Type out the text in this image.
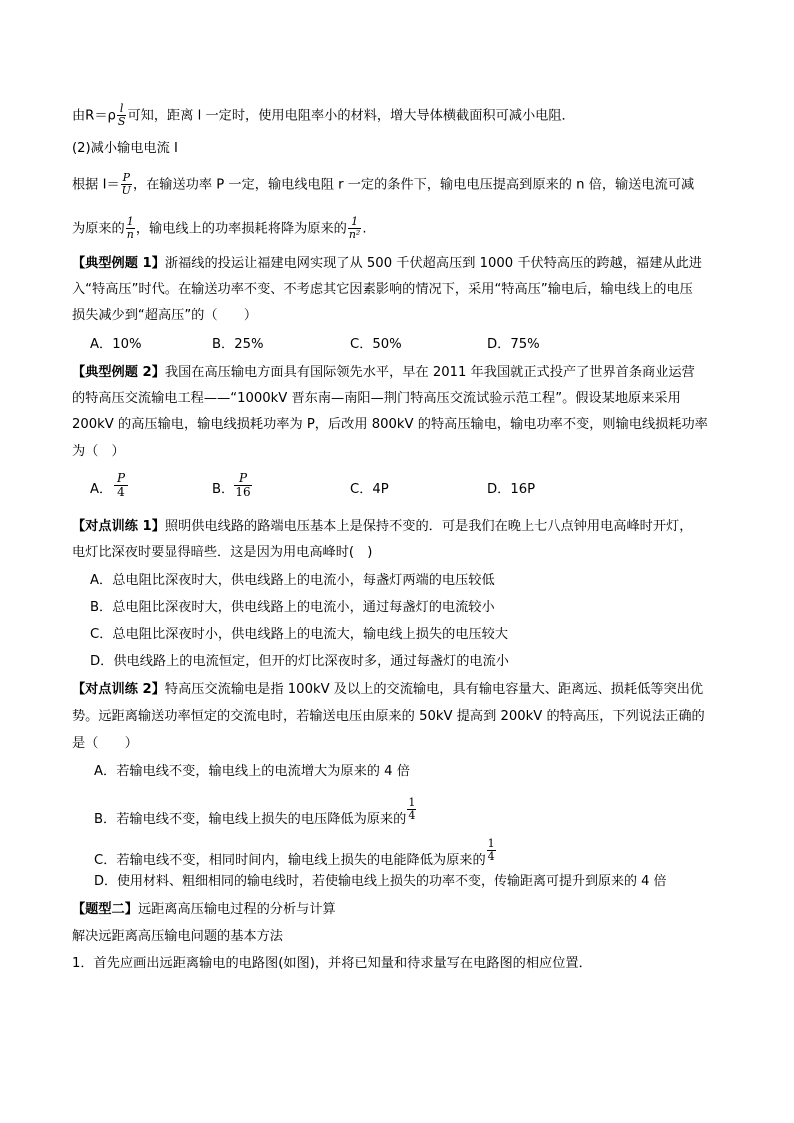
由$R=\rho \frac{l}{S}$ 可知，距离 l 一定时，使用电阻率小的材料，增大导体横截面积可减小电阻．
(2)减小输电电流 I
根据 $I= \frac{P}{U}$ ，在输送功率 P 一定，输电线电阻 r 一定的条件下，输电电压提高到原来的 n 倍，输送电流可减
为原来的 $\frac{1}{n}$ ，输电线上的功率损耗将降为原来的 $\frac{1}{\text{n²}}$ .
【典型例题 1】浙福线的投运让福建电网实现了从 500 千伏超高压到 1000 千伏特高压的跨越，福建从此进
入“特高压”时代。在输送功率不变、不考虑其它因素影响的情况下，采用“特高压”输电后，输电线上的电压
损失减少到“超高压”的（　　）
A．10%	B．25%	C．50%	D．75%
【典型例题 2】我国在高压输电方面具有国际领先水平，早在 2011 年我国就正式投产了世界首条商业运营
的特高压交流输电工程——“1000kV 晋东南—南阳—荆门特高压交流试验示范工程”。假设某地原来采用
200kV 的高压输电，输电线损耗功率为 P，后改用 800kV 的特高压输电，输电功率不变，则输电线损耗功率
为（　）
A． $\frac{P}{4}$	B． $\frac{P}{16}$	C．4P	D．16P
【对点训练 1】照明供电线路的路端电压基本上是保持不变的．可是我们在晚上七八点钟用电高峰时开灯，
电灯比深夜时要显得暗些．这是因为用电高峰时(　)
A．总电阻比深夜时大，供电线路上的电流小，每盏灯两端的电压较低
B．总电阻比深夜时大，供电线路上的电流小，通过每盏灯的电流较小
C．总电阻比深夜时小，供电线路上的电流大，输电线上损失的电压较大
D．供电线路上的电流恒定，但开的灯比深夜时多，通过每盏灯的电流小
【对点训练 2】特高压交流输电是指 100kV 及以上的交流输电，具有输电容量大、距离远、损耗低等突出优
势。远距离输送功率恒定的交流电时，若输送电压由原来的 50kV 提高到 200kV 的特高压，下列说法正确的
是（　　）
A．若输电线不变，输电线上的电流增大为原来的 4 倍
B．若输电线不变，输电线上损失的电压降低为原来的 $\frac{1}{4}$
C．若输电线不变，相同时间内，输电线上损失的电能降低为原来的 $\frac{1}{4}$
D．使用材料、粗细相同的输电线时，若使输电线上损失的功率不变，传输距离可提升到原来的 4 倍
【题型二】远距离高压输电过程的分析与计算
解决远距离高压输电问题的基本方法
1．首先应画出远距离输电的电路图(如图)，并将已知量和待求量写在电路图的相应位置．
